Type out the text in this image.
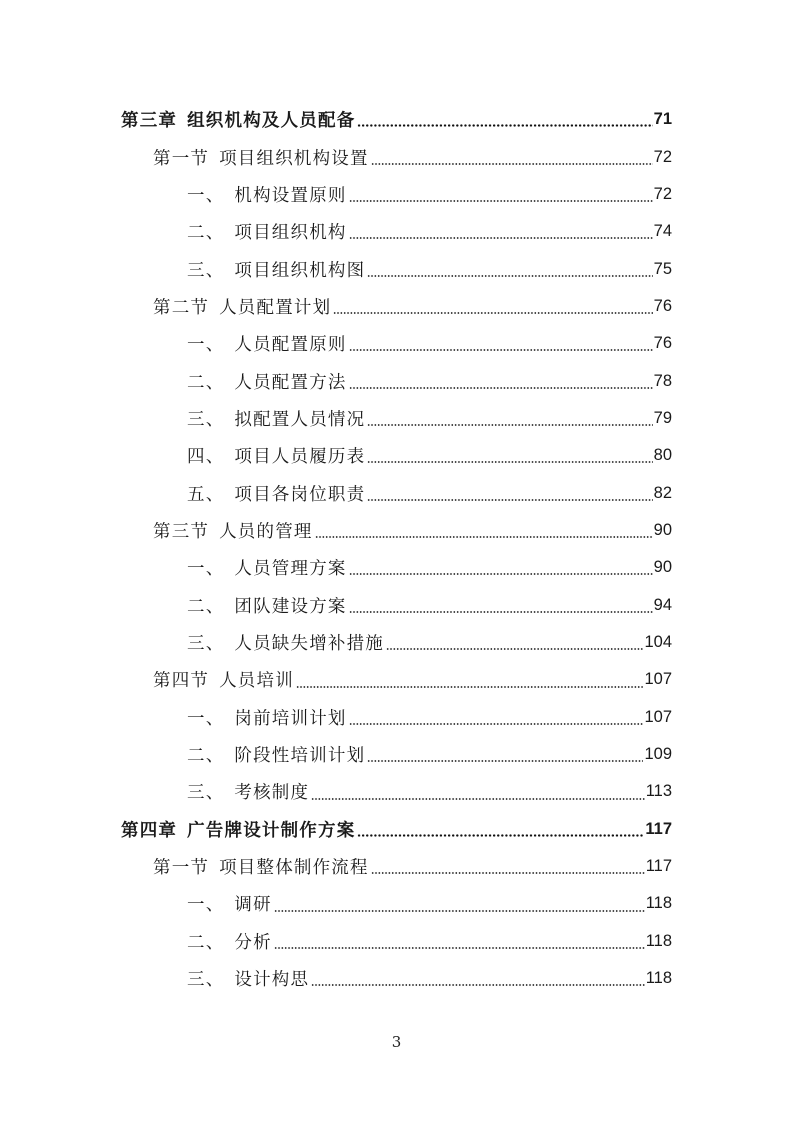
第三章 组织机构及人员配备	71
第一节 项目组织机构设置	72
一、 机构设置原则	72
二、 项目组织机构	74
三、 项目组织机构图	75
第二节 人员配置计划	76
一、 人员配置原则	76
二、 人员配置方法	78
三、 拟配置人员情况	79
四、 项目人员履历表	80
五、 项目各岗位职责	82
第三节 人员的管理	90
一、 人员管理方案	90
二、 团队建设方案	94
三、 人员缺失增补措施	104
第四节 人员培训	107
一、 岗前培训计划	107
二、 阶段性培训计划	109
三、 考核制度	113
第四章 广告牌设计制作方案	117
第一节 项目整体制作流程	117
一、 调研	118
二、 分析	118
三、 设计构思	118
3
